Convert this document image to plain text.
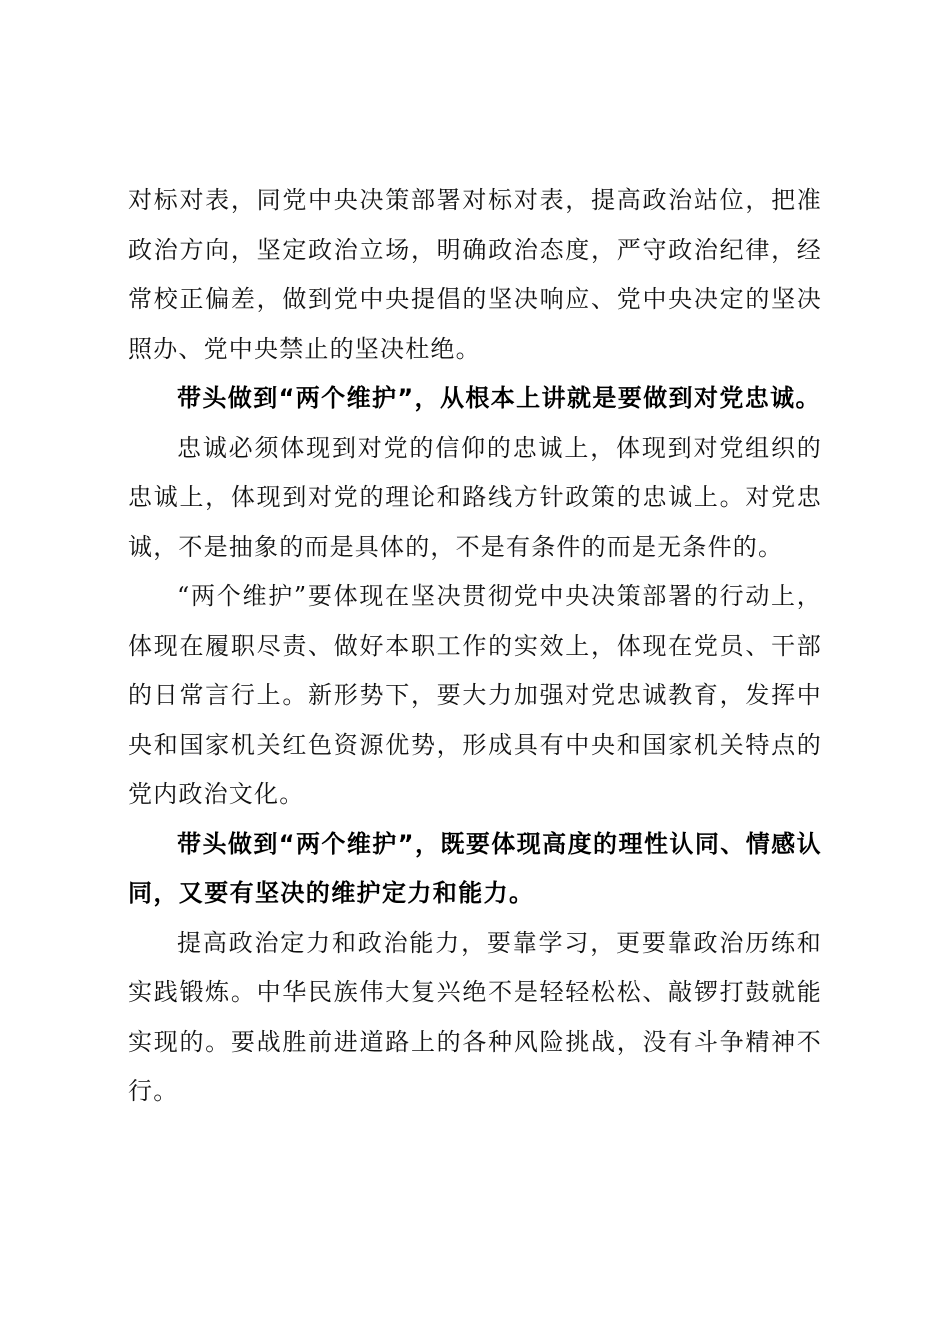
对标对表，同党中央决策部署对标对表，提高政治站位，把准政治方向，坚定政治立场，明确政治态度，严守政治纪律，经常校正偏差，做到党中央提倡的坚决响应、党中央决定的坚决照办、党中央禁止的坚决杜绝。

带头做到“两个维护”，从根本上讲就是要做到对党忠诚。

忠诚必须体现到对党的信仰的忠诚上，体现到对党组织的忠诚上，体现到对党的理论和路线方针政策的忠诚上。对党忠诚，不是抽象的而是具体的，不是有条件的而是无条件的。

“两个维护”要体现在坚决贯彻党中央决策部署的行动上，体现在履职尽责、做好本职工作的实效上，体现在党员、干部的日常言行上。新形势下，要大力加强对党忠诚教育，发挥中央和国家机关红色资源优势，形成具有中央和国家机关特点的党内政治文化。

带头做到“两个维护”，既要体现高度的理性认同、情感认同，又要有坚决的维护定力和能力。

提高政治定力和政治能力，要靠学习，更要靠政治历练和实践锻炼。中华民族伟大复兴绝不是轻轻松松、敲锣打鼓就能实现的。要战胜前进道路上的各种风险挑战，没有斗争精神不行。
